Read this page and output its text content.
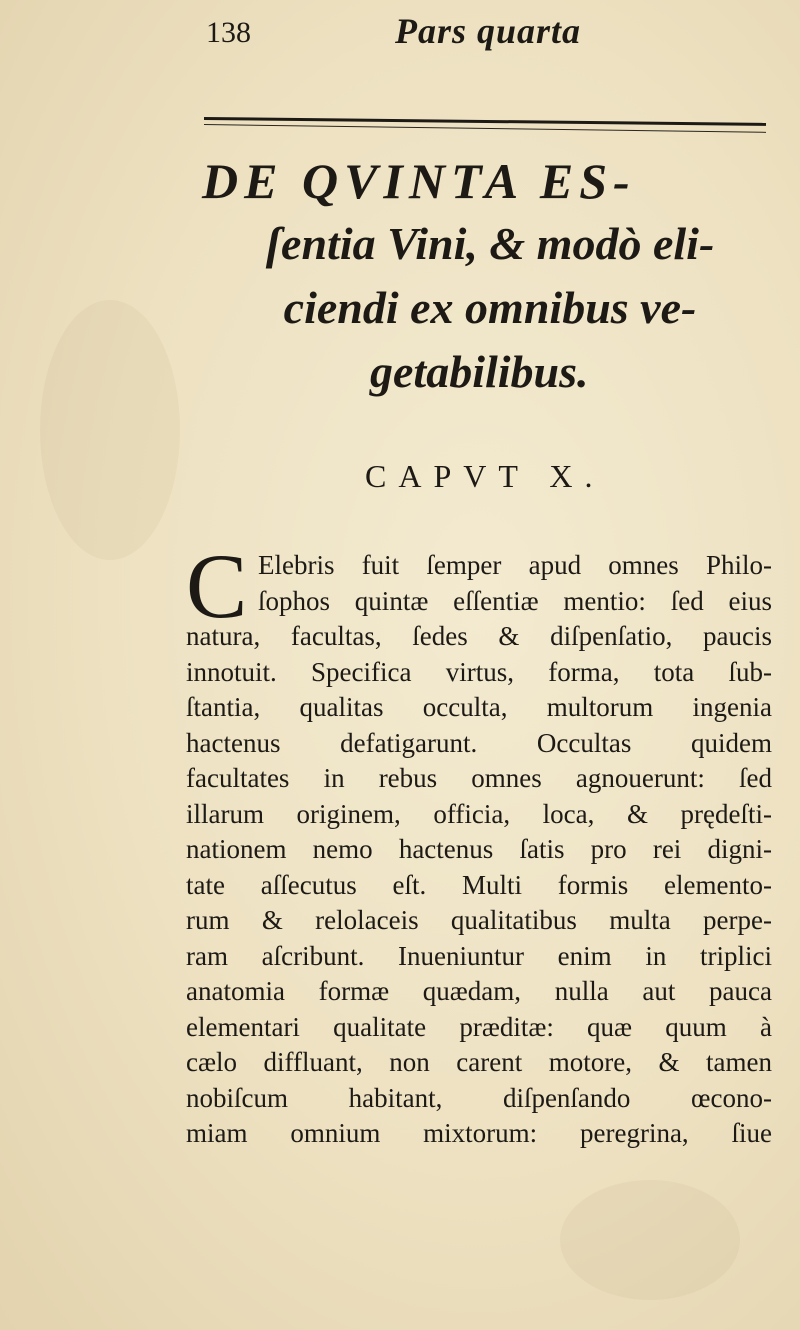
138	Pars quarta
DE QVINTA ES-
ſentia Vini, & modò eli-
ciendi ex omnibus ve-
getabilibus.
CAPVT X.
C Elebris fuit ſemper apud omnes Philo-
ſophos quintæ eſſentiæ mentio: ſed eius
natura, facultas, ſedes & diſpenſatio, paucis
innotuit. Specifica virtus, forma, tota ſub-
ſtantia, qualitas occulta, multorum ingenia
hactenus defatigarunt. Occultas quidem
facultates in rebus omnes agnouerunt: ſed
illarum originem, officia, loca, & prędeſti-
nationem nemo hactenus ſatis pro rei digni-
tate aſſecutus eſt. Multi formis elemento-
rum & relolaceis qualitatibus multa perpe-
ram aſcribunt. Inueniuntur enim in triplici
anatomia formæ quædam, nulla aut pauca
elementari qualitate præditæ: quæ quum à
cælo diffluant, non carent motore, & tamen
nobiſcum habitant, diſpenſando œcono-
miam omnium mixtorum: peregrina, ſiue
